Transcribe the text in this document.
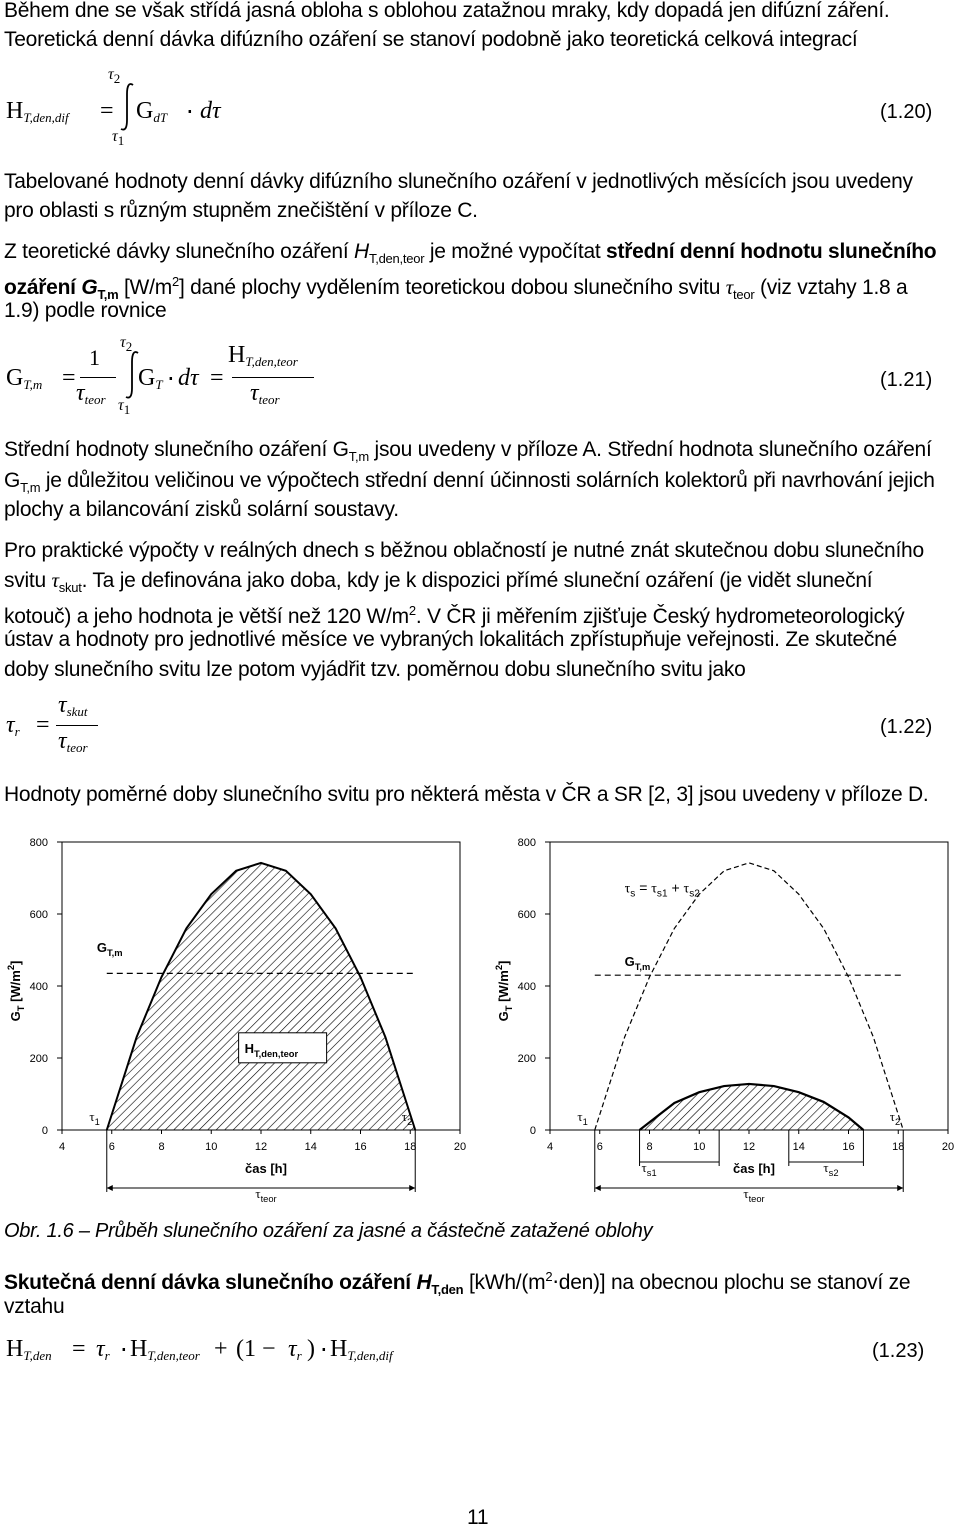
Během dne se však střídá jasná obloha s oblohou zatažnou mraky, kdy dopadá jen difúzní záření.
Teoretická denní dávka difúzního ozáření se stanoví podobně jako teoretická celková integrací
$H_{T,den,dif}$ =
$\tau_2$
$\tau_1$
$G_{dT} \cdot d\tau$	(1.20)
Tabelované hodnoty denní dávky difúzního slunečního ozáření v jednotlivých měsících jsou uvedeny
pro oblasti s různým stupněm znečištění v příloze C.
Z teoretické dávky slunečního ozáření $H_{T,den,teor}$ je možné vypočítat střední denní hodnotu slunečního
ozáření $G_{T,m}$ $[W/m^2]$ dané plochy vydělením teoretickou dobou slunečního svitu $\tau_{teor}$ (viz vztahy 1.8 a
1.9) podle rovnice
$G_{T,m}$ =
1
$\tau_{teor}$
$\tau_2$
$\tau_1$
$G_T \cdot d\tau$ =
$H_{T,den,teor}$
$\tau_{teor}$
(1.21)
Střední hodnoty slunečního ozáření $G_{T,m}$ jsou uvedeny v příloze A. Střední hodnota slunečního ozáření
$G_{T,m}$ je důležitou veličinou ve výpočtech střední denní účinnosti solárních kolektorů při navrhování jejich
plochy a bilancování zisků solární soustavy.
Pro praktické výpočty v reálných dnech s běžnou oblačností je nutné znát skutečnou dobu slunečního
svitu $\tau_{skut}$. Ta je definována jako doba, kdy je k dispozici přímé sluneční ozáření (je vidět sluneční
kotouč) a jeho hodnota je větší než 120 $W/m^2$. V ČR ji měřením zjišťuje Český hydrometeorologický
ústav a hodnoty pro jednotlivé měsíce ve vybraných lokalitách zpřístupňuje veřejnosti. Ze skutečné
doby slunečního svitu lze potom vyjádřit tzv. poměrnou dobu slunečního svitu jako
$\tau_r$ =
$\tau_{skut}$
$\tau_{teor}$
(1.22)
Hodnoty poměrné doby slunečního svitu pro některá města v ČR a SR [2, 3] jsou uvedeny v příloze D.
800
600
400
200
0
4	6	8	10	12	14	16	18	20
$G_T$ $[W/m^2]$
čas [h]
$\tau_{teor}$
$\tau_1$	$\tau_2$
$G_{T,m}$
$H_{T,den,teor}$
800
600
400
200
0
4	6	8	10	12	14	16	18	20
$G_T$ $[W/m^2]$
čas [h]
$\tau_{teor}$
$\tau_1$	$\tau_2$
$G_{T,m}$
$\tau_s = \tau_{s1} + \tau_{s2}$
$\tau_{s1}$	$\tau_{s2}$
Obr. 1.6 – Průběh slunečního ozáření za jasné a částečně zatažené oblohy
Skutečná denní dávka slunečního ozáření $H_{T,den}$ $[kWh/(m^2\cdot den)]$ na obecnou plochu se stanoví ze
vztahu
$H_{T,den} = \tau_r \cdot H_{T,den,teor} + (1 - \tau_r$ ) ⋅ $H_{T,den,dif}$	(1.23)
11
